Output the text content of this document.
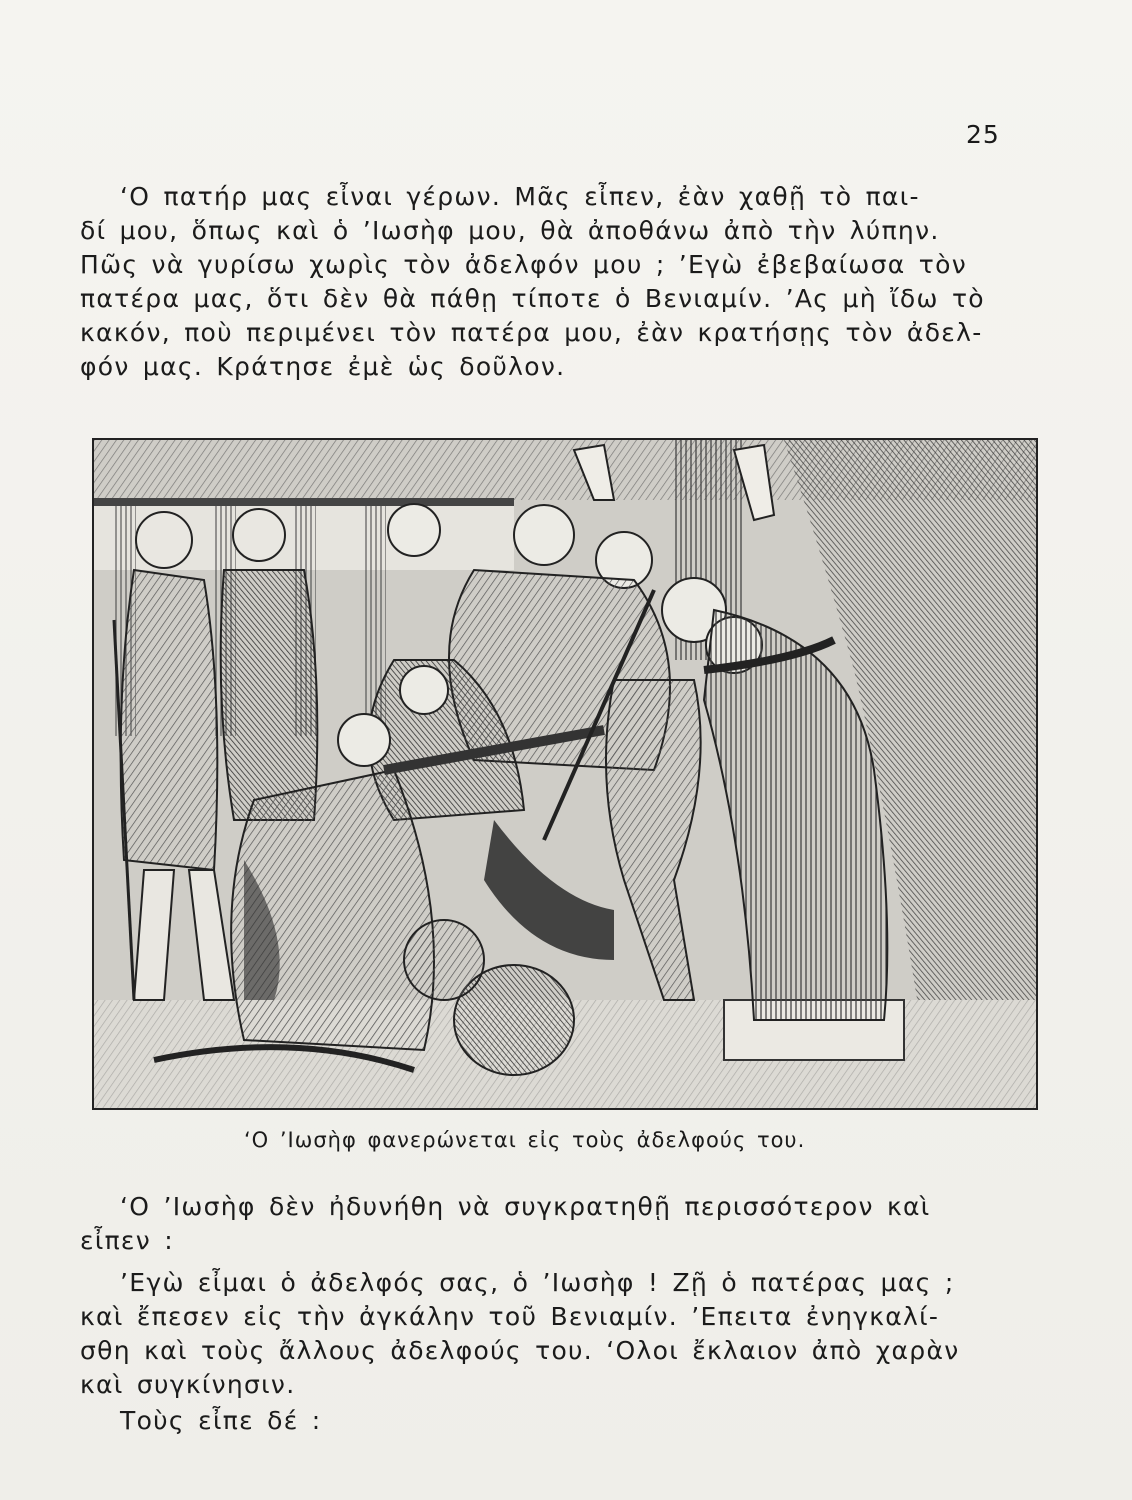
25

‘Ο πατήρ μας εἶναι γέρων. Μᾶς εἶπεν, ἐὰν χαθῇ τὸ παι-
δί μου, ὅπως καὶ ὁ ’Ιωσὴφ μου, θὰ ἀποθάνω ἀπὸ τὴν λύπην.
Πῶς νὰ γυρίσω χωρὶς τὸν ἀδελφόν μου ; ’Εγὼ ἐβεβαίωσα τὸν
πατέρα μας, ὅτι δὲν θὰ πάθῃ τίποτε ὁ Βενιαμίν. ’Ας μὴ ἴδω τὸ
κακόν, ποὺ περιμένει τὸν πατέρα μου, ἐὰν κρατήσῃς τὸν ἀδελ-
φόν μας. Κράτησε ἐμὲ ὡς δοῦλον.

‘Ο ’Ιωσὴφ φανερώνεται εἰς τοὺς ἀδελφούς του.

‘Ο ’Ιωσὴφ δὲν ἠδυνήθη νὰ συγκρατηθῇ περισσότερον καὶ
εἶπεν :

’Εγὼ εἶμαι ὁ ἀδελφός σας, ὁ ’Ιωσὴφ ! Ζῇ ὁ πατέρας μας ;
καὶ ἔπεσεν εἰς τὴν ἀγκάλην τοῦ Βενιαμίν. ’Επειτα ἐνηγκαλί-
σθη καὶ τοὺς ἄλλους ἀδελφούς του. ‘Ολοι ἔκλαιον ἀπὸ χαρὰν
καὶ συγκίνησιν.

Τοὺς εἶπε δέ :
